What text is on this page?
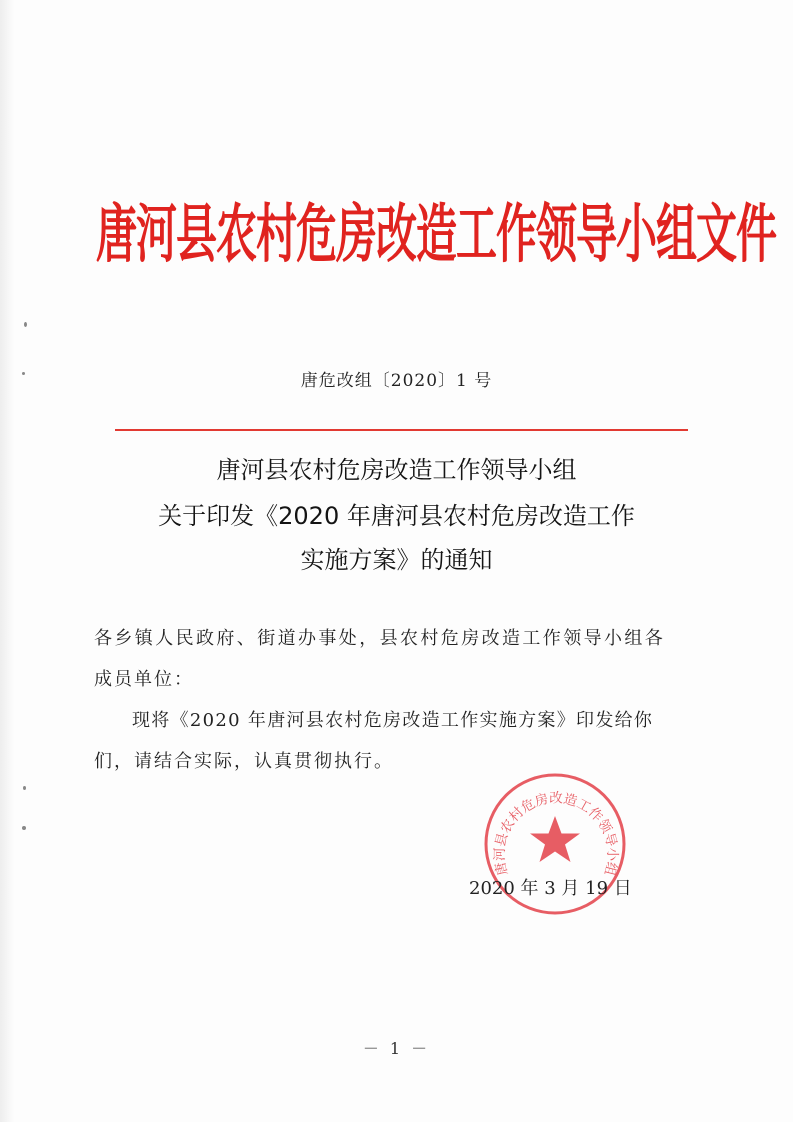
唐河县农村危房改造工作领导小组文件
唐危改组〔2020〕1 号
唐河县农村危房改造工作领导小组
关于印发《2020 年唐河县农村危房改造工作
实施方案》的通知
各乡镇人民政府、街道办事处，县农村危房改造工作领导小组各
成员单位：
现将《2020 年唐河县农村危房改造工作实施方案》印发给你
们，请结合实际，认真贯彻执行。
唐河县农村危房改造工作领导小组
2020 年 3 月 19 日
－ 1 －
